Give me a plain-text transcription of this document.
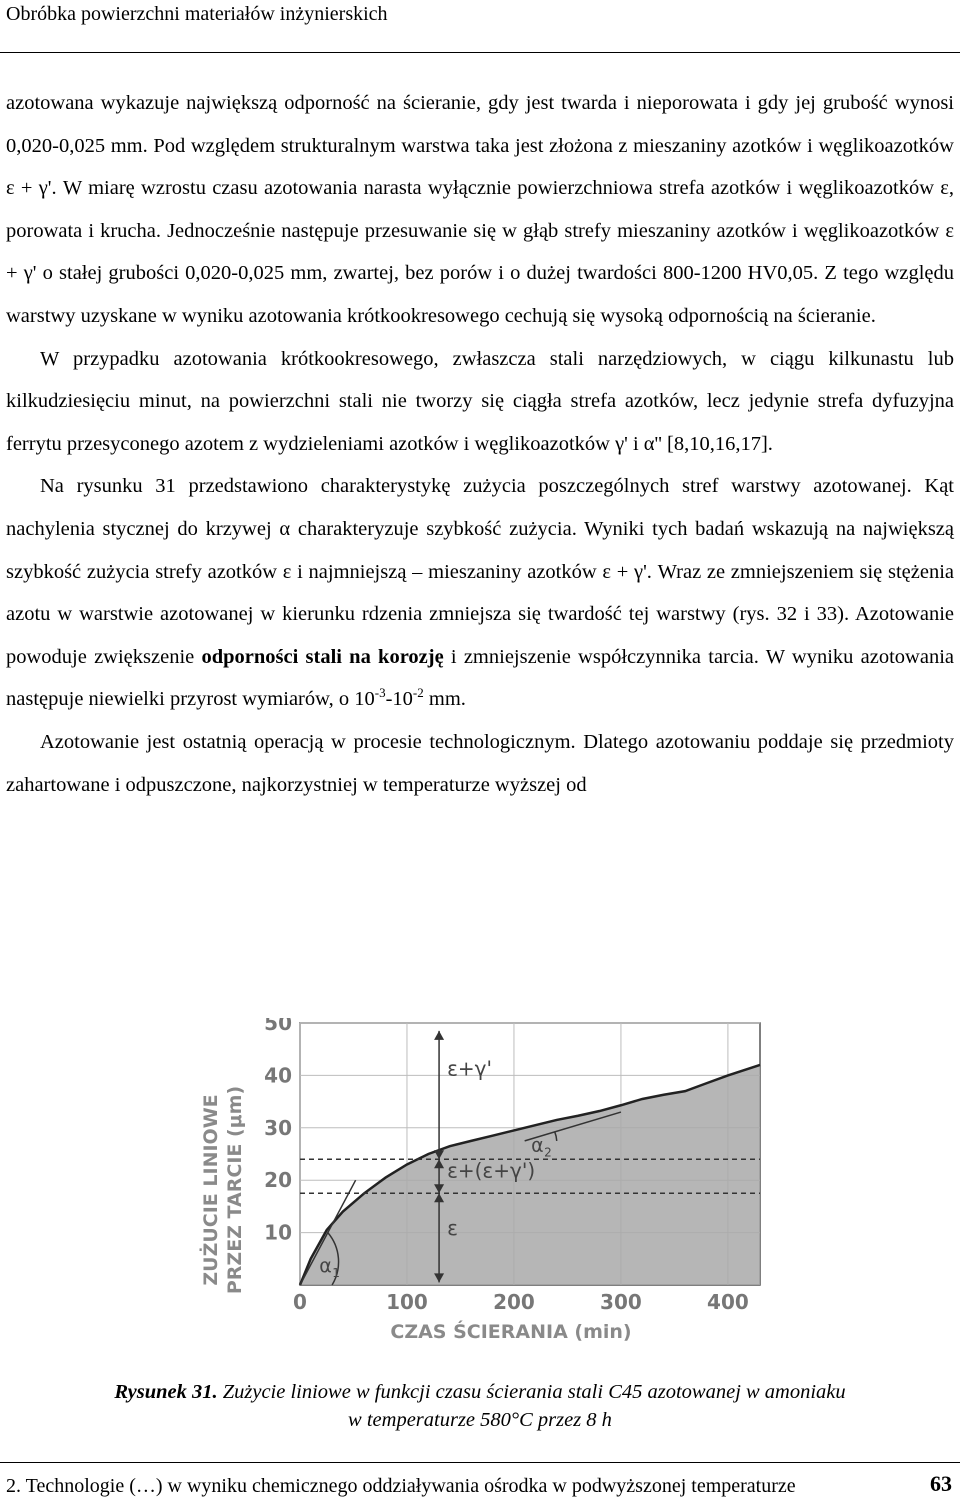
Obróbka powierzchni materiałów inżynierskich

azotowana wykazuje największą odporność na ścieranie, gdy jest twarda i nieporowata i gdy jej grubość wynosi 0,020-0,025 mm. Pod względem strukturalnym warstwa taka jest złożona z mieszaniny azotków i węglikoazotków ε + γ'. W miarę wzrostu czasu azotowania narasta wyłącznie powierzchniowa strefa azotków i węglikoazotków ε, porowata i krucha. Jednocześnie następuje przesuwanie się w głąb strefy mieszaniny azotków i węglikoazotków ε + γ' o stałej grubości 0,020-0,025 mm, zwartej, bez porów i o dużej twardości 800-1200 HV0,05. Z tego względu warstwy uzyskane w wyniku azotowania krótkookresowego cechują się wysoką odpornością na ścieranie.

W przypadku azotowania krótkookresowego, zwłaszcza stali narzędziowych, w ciągu kilkunastu lub kilkudziesięciu minut, na powierzchni stali nie tworzy się ciągła strefa azotków, lecz jedynie strefa dyfuzyjna ferrytu przesyconego azotem z wydzieleniami azotków i węglikoazotków γ' i α'' [8,10,16,17].

Na rysunku 31 przedstawiono charakterystykę zużycia poszczególnych stref warstwy azotowanej. Kąt nachylenia stycznej do krzywej α charakteryzuje szybkość zużycia. Wyniki tych badań wskazują na największą szybkość zużycia strefy azotków ε i najmniejszą – mieszaniny azotków ε + γ'. Wraz ze zmniejszeniem się stężenia azotu w warstwie azotowanej w kierunku rdzenia zmniejsza się twardość tej warstwy (rys. 32 i 33). Azotowanie powoduje zwiększenie odporności stali na korozję i zmniejszenie współczynnika tarcia. W wyniku azotowania następuje niewielki przyrost wymiarów, o $10^{-3}-10^{-2}$ mm.

Azotowanie jest ostatnią operacją w procesie technologicznym. Dlatego azotowaniu poddaje się przedmioty zahartowane i odpuszczone, najkorzystniej w temperaturze wyższej od

ε+γ'
ε+(ε+γ')
ε
α 1
α 2
0	100	200	300	400
10
20
30
40
50
ZUŻUCIE LINIOWE PRZEZ TARCIE (μm)
CZAS ŚCIERANIA (min)
Rysunek 31. Zużycie liniowe w funkcji czasu ścierania stali C45 azotowanej w amoniaku
w temperaturze 580°C przez 8 h
2. Technologie (…) w wyniku chemicznego oddziaływania ośrodka w podwyższonej temperaturze	63
